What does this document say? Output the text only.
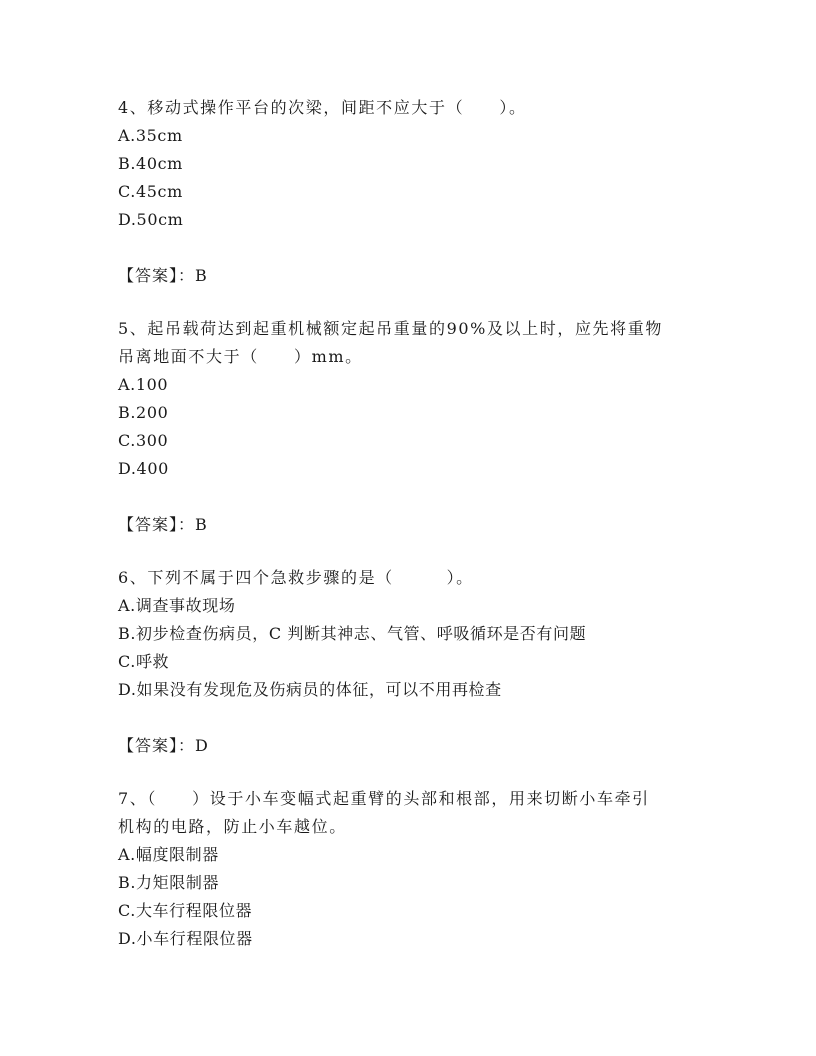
4、移动式操作平台的次梁，间距不应大于（　　）。

A.35cm

B.40cm

C.45cm

D.50cm

【答案】：B

5、起吊载荷达到起重机械额定起吊重量的90%及以上时，应先将重物

吊离地面不大于（　　）mm。

A.100

B.200

C.300

D.400

【答案】：B

6、下列不属于四个急救步骤的是（　　　）。

A.调查事故现场

B.初步检查伤病员，C 判断其神志、气管、呼吸循环是否有问题

C.呼救

D.如果没有发现危及伤病员的体征，可以不用再检查

【答案】：D

7、（　　）设于小车变幅式起重臂的头部和根部，用来切断小车牵引

机构的电路，防止小车越位。

A.幅度限制器

B.力矩限制器

C.大车行程限位器

D.小车行程限位器
